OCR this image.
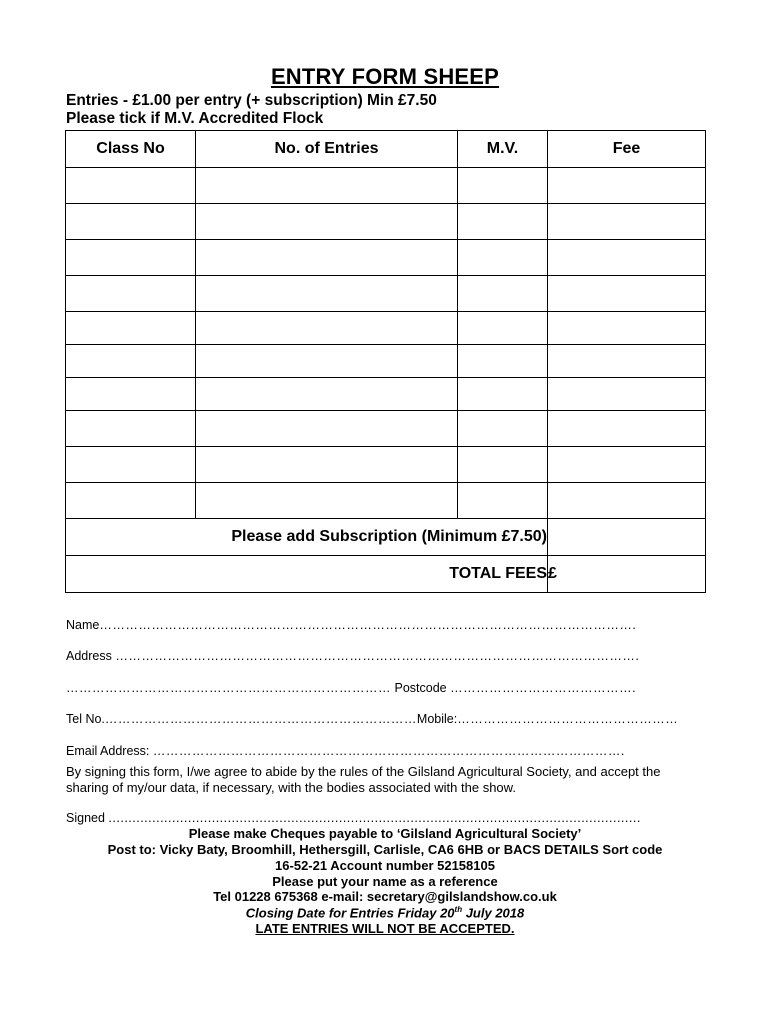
ENTRY FORM SHEEP
Entries - £1.00 per entry (+ subscription) Min £7.50
Please tick if M.V. Accredited Flock
Class No	No. of Entries	M.V.	Fee

Please add Subscription (Minimum £7.50)			
TOTAL FEES			£
Name…………………………………………………………………………………………………………….
Address ………………………………………………………………………………………………………….
………………………………………………………………… Postcode …………………………………….
Tel No.………………………………………………………………Mobile:……………………………………………
Email Address: ……………………………………………………………………………………………….
By signing this form, I/we agree to abide by the rules of the Gilsland Agricultural Society, and accept the sharing of my/our data, if necessary, with the bodies associated with the show.
Signed ......................................................................................................................................
Please make Cheques payable to ‘Gilsland Agricultural Society’
Post to: Vicky Baty, Broomhill, Hethersgill, Carlisle, CA6 6HB or BACS DETAILS Sort code
16-52-21 Account number 52158105
Please put your name as a reference
Tel 01228 675368 e-mail: secretary@gilslandshow.co.uk
Closing Date for Entries Friday 20th July 2018
LATE ENTRIES WILL NOT BE ACCEPTED.
